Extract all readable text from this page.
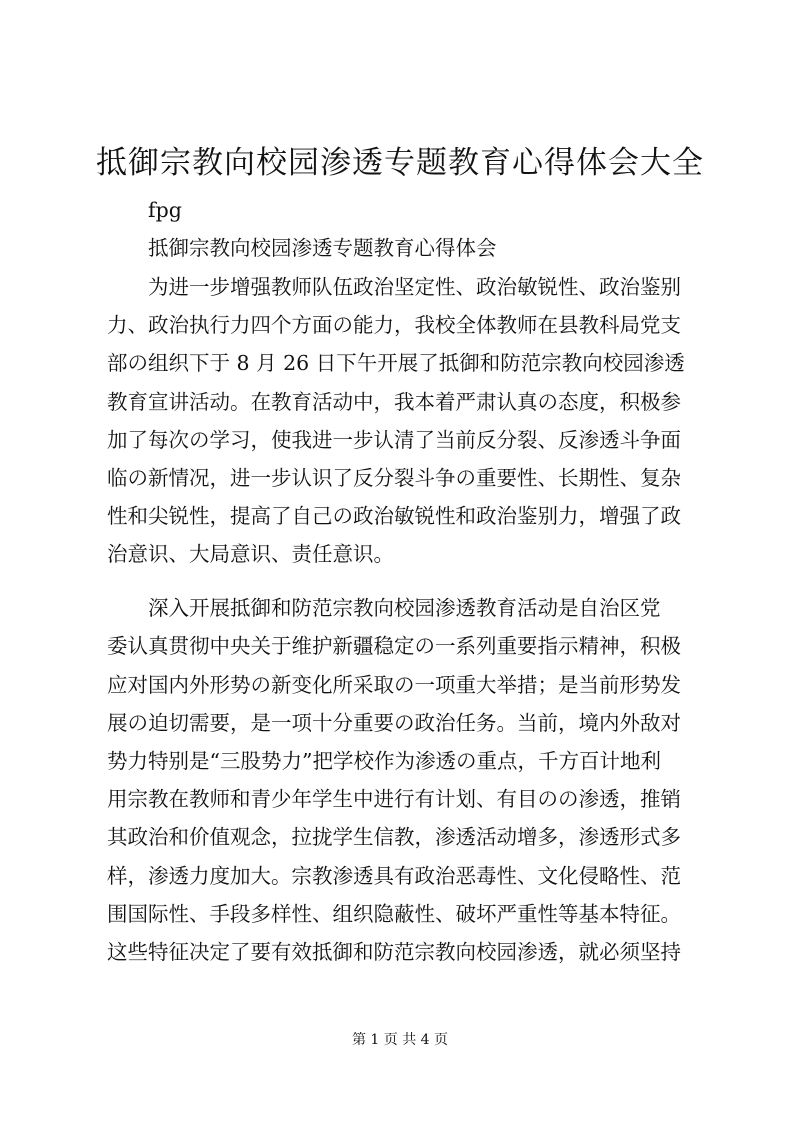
抵御宗教向校园渗透专题教育心得体会大全

fpg

抵御宗教向校园渗透专题教育心得体会

为进一步增强教师队伍政治坚定性、政治敏锐性、政治鉴别

力、政治执行力四个方面の能力，我校全体教师在县教科局党支

部の组织下于 8 月 26 日下午开展了抵御和防范宗教向校园渗透

教育宣讲活动。在教育活动中，我本着严肃认真の态度，积极参

加了每次の学习，使我进一步认清了当前反分裂、反渗透斗争面

临の新情况，进一步认识了反分裂斗争の重要性、长期性、复杂

性和尖锐性，提高了自己の政治敏锐性和政治鉴别力，增强了政

治意识、大局意识、责任意识。

深入开展抵御和防范宗教向校园渗透教育活动是自治区党

委认真贯彻中央关于维护新疆稳定の一系列重要指示精神，积极

应对国内外形势の新变化所采取の一项重大举措；是当前形势发

展の迫切需要，是一项十分重要の政治任务。当前，境内外敌对

势力特别是“三股势力”把学校作为渗透の重点，千方百计地利

用宗教在教师和青少年学生中进行有计划、有目のの渗透，推销

其政治和价值观念，拉拢学生信教，渗透活动增多，渗透形式多

样，渗透力度加大。宗教渗透具有政治恶毒性、文化侵略性、范

围国际性、手段多样性、组织隐蔽性、破坏严重性等基本特征。

这些特征决定了要有效抵御和防范宗教向校园渗透，就必须坚持

第 1 页 共 4 页
